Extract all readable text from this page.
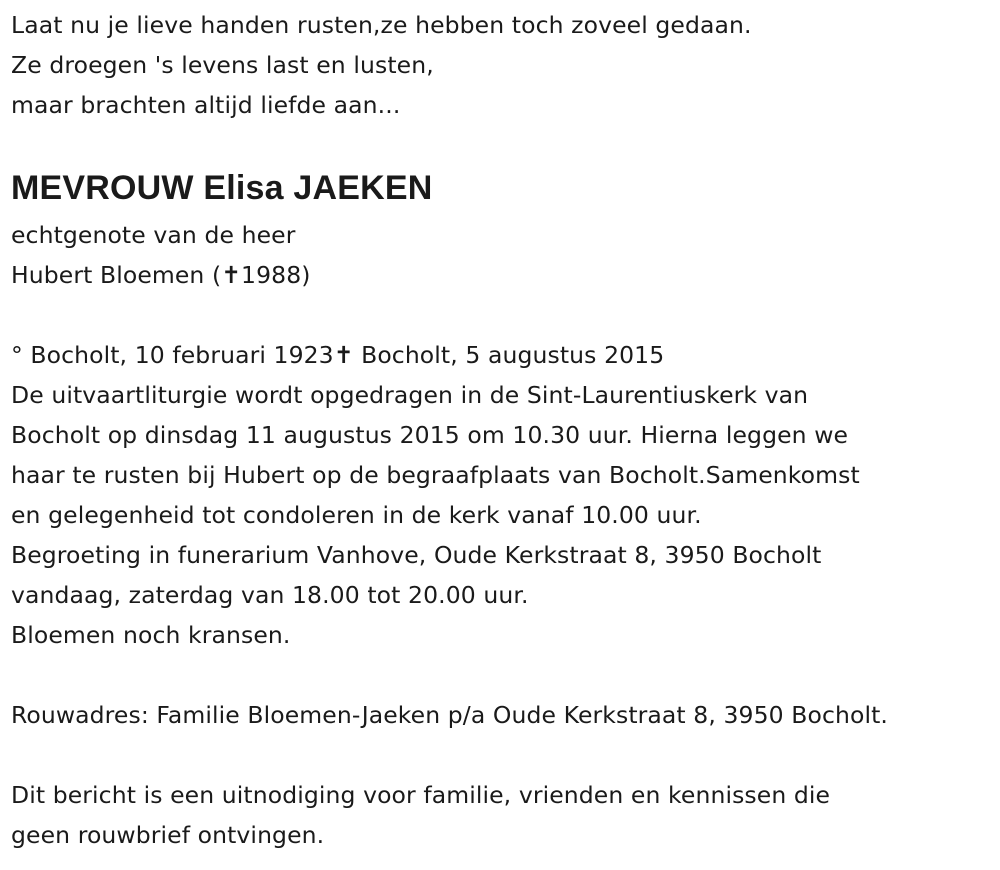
Laat nu je lieve handen rusten,ze hebben toch zoveel gedaan.
Ze droegen 's levens last en lusten,
maar brachten altijd liefde aan...
MEVROUW Elisa JAEKEN
echtgenote van de heer
Hubert Bloemen (✝1988)
° Bocholt, 10 februari 1923✝ Bocholt, 5 augustus 2015
De uitvaartliturgie wordt opgedragen in de Sint-Laurentiuskerk van
Bocholt op dinsdag 11 augustus 2015 om 10.30 uur. Hierna leggen we
haar te rusten bij Hubert op de begraafplaats van Bocholt.Samenkomst
en gelegenheid tot condoleren in de kerk vanaf 10.00 uur.
Begroeting in funerarium Vanhove, Oude Kerkstraat 8, 3950 Bocholt
vandaag, zaterdag van 18.00 tot 20.00 uur.
Bloemen noch kransen.
Rouwadres: Familie Bloemen-Jaeken p/a Oude Kerkstraat 8, 3950 Bocholt.
Dit bericht is een uitnodiging voor familie, vrienden en kennissen die
geen rouwbrief ontvingen.
